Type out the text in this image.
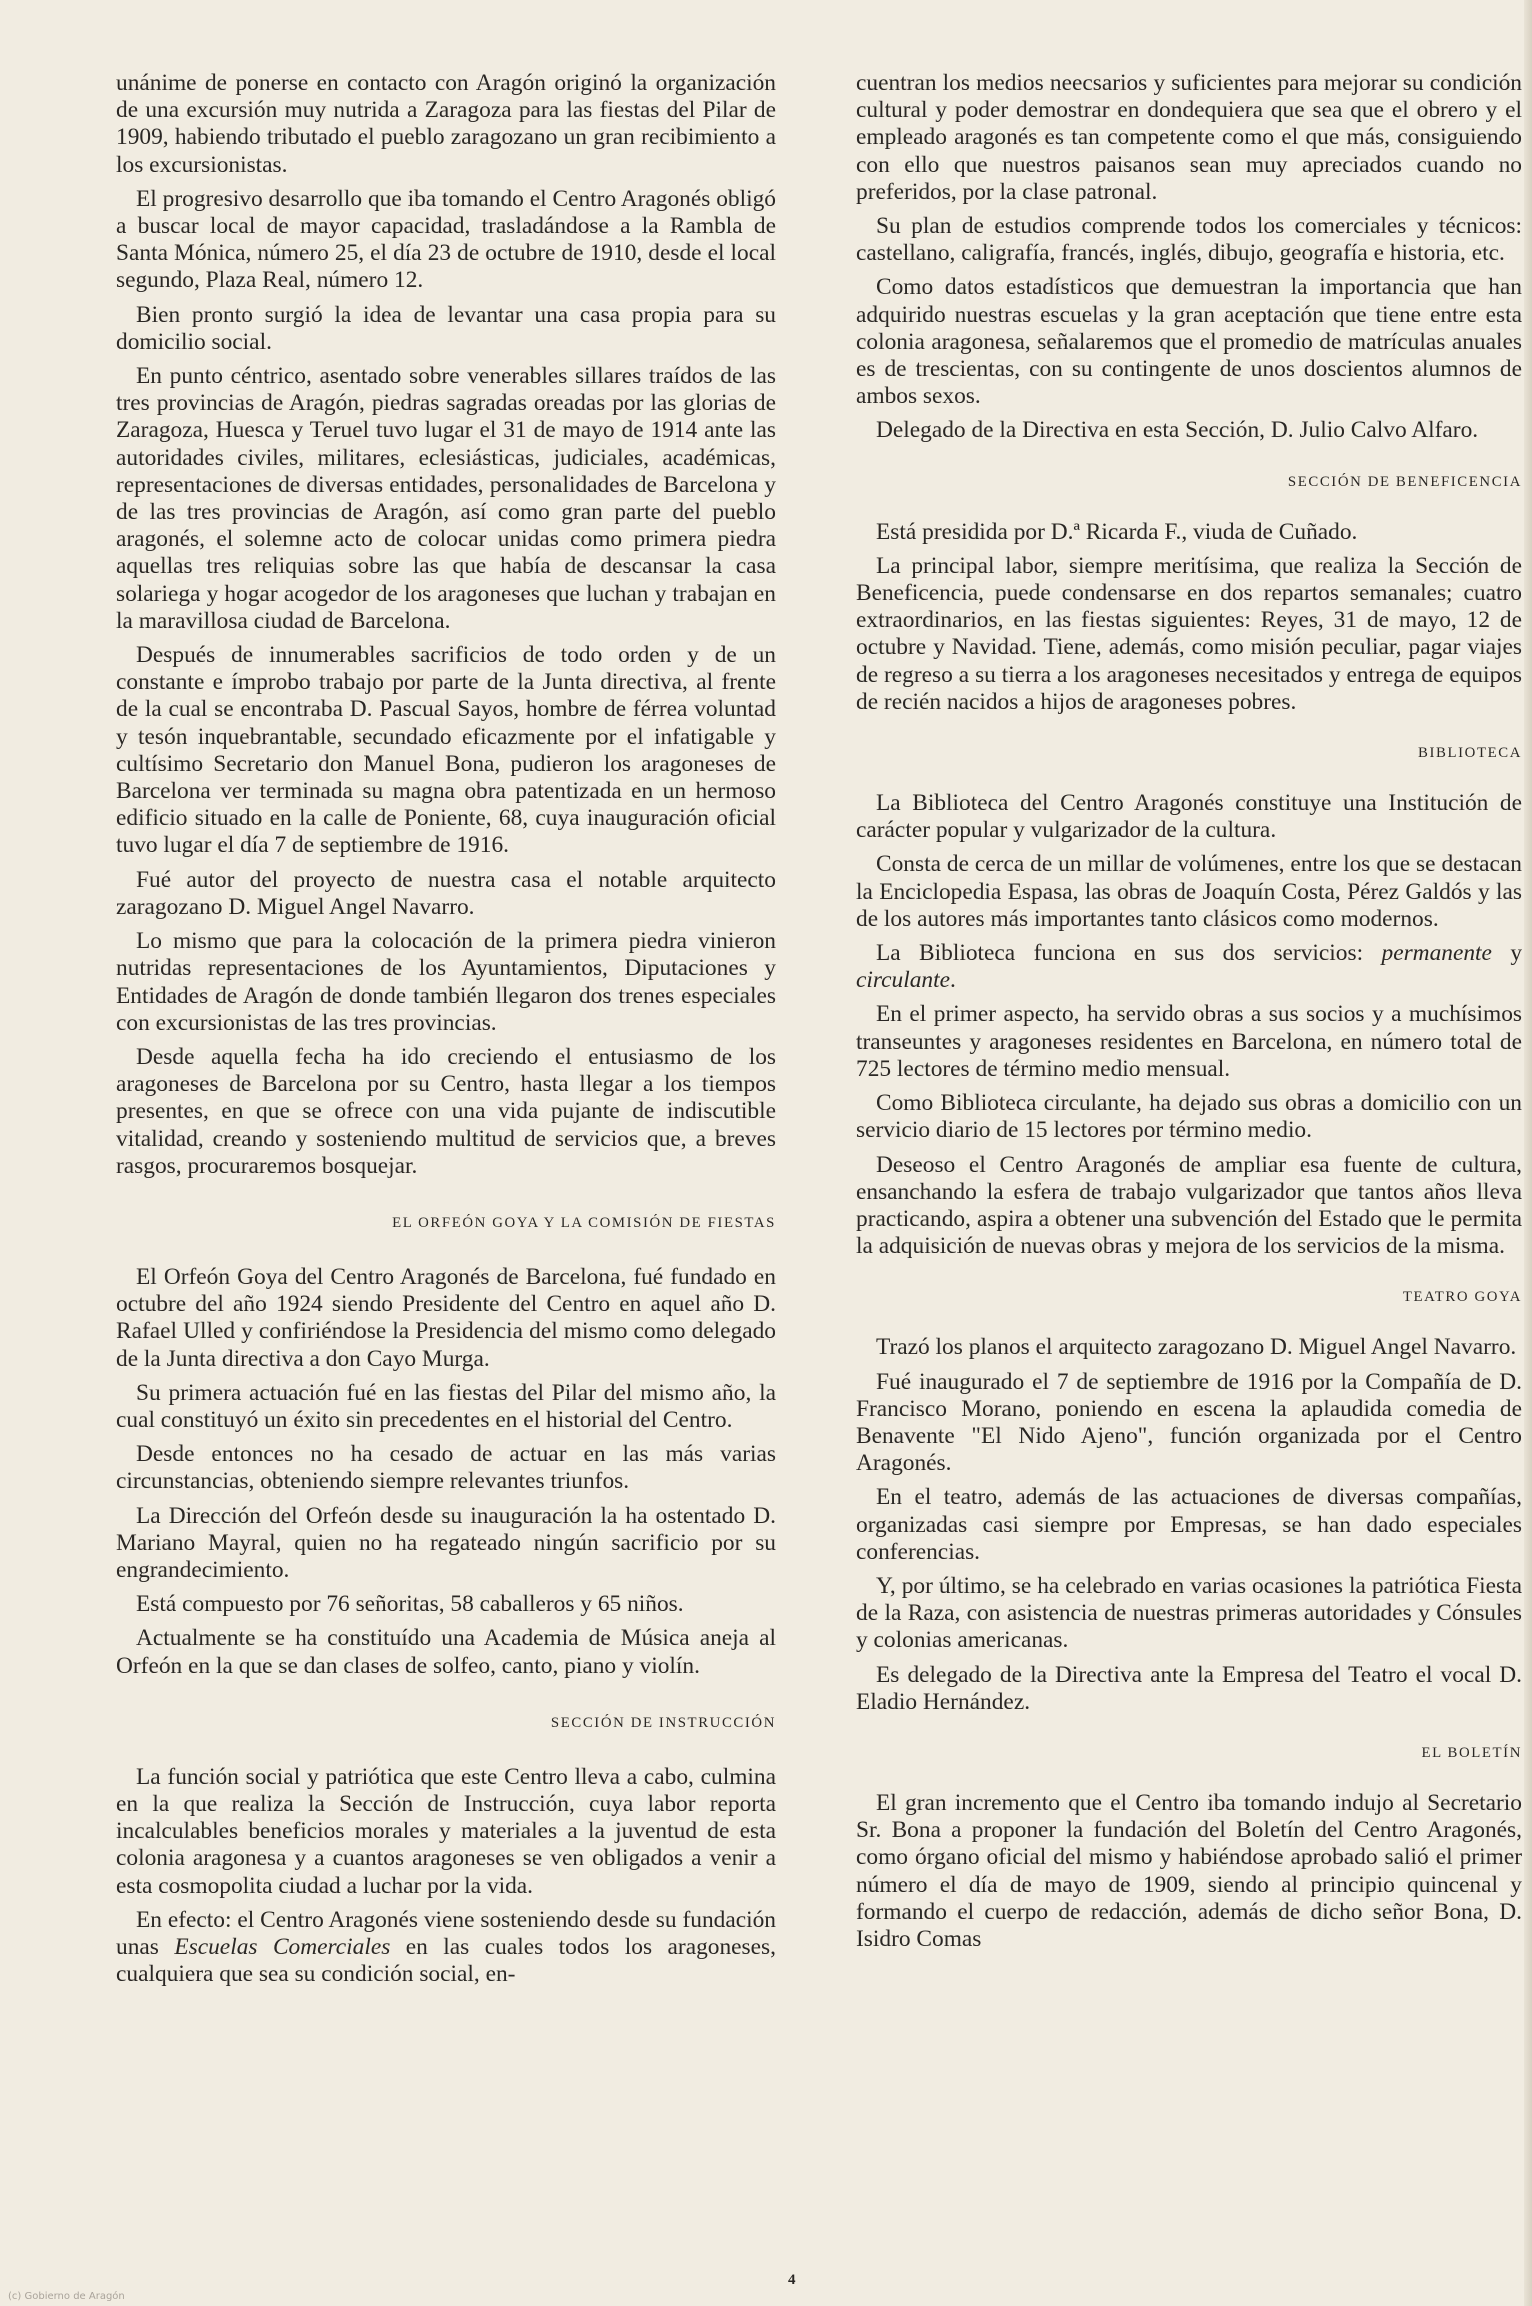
unánime de ponerse en contacto con Aragón originó la organización de una excursión muy nutrida a Zaragoza para las fiestas del Pilar de 1909, habiendo tributado el pueblo zaragozano un gran recibimiento a los excursionistas.

El progresivo desarrollo que iba tomando el Centro Aragonés obligó a buscar local de mayor capacidad, trasladándose a la Rambla de Santa Mónica, número 25, el día 23 de octubre de 1910, desde el local segundo, Plaza Real, número 12.

Bien pronto surgió la idea de levantar una casa propia para su domicilio social.

En punto céntrico, asentado sobre venerables sillares traídos de las tres provincias de Aragón, piedras sagradas oreadas por las glorias de Zaragoza, Huesca y Teruel tuvo lugar el 31 de mayo de 1914 ante las autoridades civiles, militares, eclesiásticas, judiciales, académicas, representaciones de diversas entidades, personalidades de Barcelona y de las tres provincias de Aragón, así como gran parte del pueblo aragonés, el solemne acto de colocar unidas como primera piedra aquellas tres reliquias sobre las que había de descansar la casa solariega y hogar acogedor de los aragoneses que luchan y trabajan en la maravillosa ciudad de Barcelona.

Después de innumerables sacrificios de todo orden y de un constante e ímprobo trabajo por parte de la Junta directiva, al frente de la cual se encontraba D. Pascual Sayos, hombre de férrea voluntad y tesón inquebrantable, secundado eficazmente por el infatigable y cultísimo Secretario don Manuel Bona, pudieron los aragoneses de Barcelona ver terminada su magna obra patentizada en un hermoso edificio situado en la calle de Poniente, 68, cuya inauguración oficial tuvo lugar el día 7 de septiembre de 1916.

Fué autor del proyecto de nuestra casa el notable arquitecto zaragozano D. Miguel Angel Navarro.

Lo mismo que para la colocación de la primera piedra vinieron nutridas representaciones de los Ayuntamientos, Diputaciones y Entidades de Aragón de donde también llegaron dos trenes especiales con excursionistas de las tres provincias.

Desde aquella fecha ha ido creciendo el entusiasmo de los aragoneses de Barcelona por su Centro, hasta llegar a los tiempos presentes, en que se ofrece con una vida pujante de indiscutible vitalidad, creando y sosteniendo multitud de servicios que, a breves rasgos, procuraremos bosquejar.

EL ORFEÓN GOYA Y LA COMISIÓN DE FIESTAS

El Orfeón Goya del Centro Aragonés de Barcelona, fué fundado en octubre del año 1924 siendo Presidente del Centro en aquel año D. Rafael Ulled y confiriéndose la Presidencia del mismo como delegado de la Junta directiva a don Cayo Murga.

Su primera actuación fué en las fiestas del Pilar del mismo año, la cual constituyó un éxito sin precedentes en el historial del Centro.

Desde entonces no ha cesado de actuar en las más varias circunstancias, obteniendo siempre relevantes triunfos.

La Dirección del Orfeón desde su inauguración la ha ostentado D. Mariano Mayral, quien no ha regateado ningún sacrificio por su engrandecimiento.

Está compuesto por 76 señoritas, 58 caballeros y 65 niños.

Actualmente se ha constituído una Academia de Música aneja al Orfeón en la que se dan clases de solfeo, canto, piano y violín.

SECCIÓN DE INSTRUCCIÓN

La función social y patriótica que este Centro lleva a cabo, culmina en la que realiza la Sección de Instrucción, cuya labor reporta incalculables beneficios morales y materiales a la juventud de esta colonia aragonesa y a cuantos aragoneses se ven obligados a venir a esta cosmopolita ciudad a luchar por la vida.

En efecto: el Centro Aragonés viene sosteniendo desde su fundación unas Escuelas Comerciales en las cuales todos los aragoneses, cualquiera que sea su condición social, en-

cuentran los medios neecsarios y suficientes para mejorar su condición cultural y poder demostrar en dondequiera que sea que el obrero y el empleado aragonés es tan competente como el que más, consiguiendo con ello que nuestros paisanos sean muy apreciados cuando no preferidos, por la clase patronal.

Su plan de estudios comprende todos los comerciales y técnicos: castellano, caligrafía, francés, inglés, dibujo, geografía e historia, etc.

Como datos estadísticos que demuestran la importancia que han adquirido nuestras escuelas y la gran aceptación que tiene entre esta colonia aragonesa, señalaremos que el promedio de matrículas anuales es de trescientas, con su contingente de unos doscientos alumnos de ambos sexos.

Delegado de la Directiva en esta Sección, D. Julio Calvo Alfaro.

SECCIÓN DE BENEFICENCIA

Está presidida por D.ª Ricarda F., viuda de Cuñado.

La principal labor, siempre meritísima, que realiza la Sección de Beneficencia, puede condensarse en dos repartos semanales; cuatro extraordinarios, en las fiestas siguientes: Reyes, 31 de mayo, 12 de octubre y Navidad. Tiene, además, como misión peculiar, pagar viajes de regreso a su tierra a los aragoneses necesitados y entrega de equipos de recién nacidos a hijos de aragoneses pobres.

BIBLIOTECA

La Biblioteca del Centro Aragonés constituye una Institución de carácter popular y vulgarizador de la cultura.

Consta de cerca de un millar de volúmenes, entre los que se destacan la Enciclopedia Espasa, las obras de Joaquín Costa, Pérez Galdós y las de los autores más importantes tanto clásicos como modernos.

La Biblioteca funciona en sus dos servicios: permanente y circulante.

En el primer aspecto, ha servido obras a sus socios y a muchísimos transeuntes y aragoneses residentes en Barcelona, en número total de 725 lectores de término medio mensual.

Como Biblioteca circulante, ha dejado sus obras a domicilio con un servicio diario de 15 lectores por término medio.

Deseoso el Centro Aragonés de ampliar esa fuente de cultura, ensanchando la esfera de trabajo vulgarizador que tantos años lleva practicando, aspira a obtener una subvención del Estado que le permita la adquisición de nuevas obras y mejora de los servicios de la misma.

TEATRO GOYA

Trazó los planos el arquitecto zaragozano D. Miguel Angel Navarro.

Fué inaugurado el 7 de septiembre de 1916 por la Compañía de D. Francisco Morano, poniendo en escena la aplaudida comedia de Benavente "El Nido Ajeno", función organizada por el Centro Aragonés.

En el teatro, además de las actuaciones de diversas compañías, organizadas casi siempre por Empresas, se han dado especiales conferencias.

Y, por último, se ha celebrado en varias ocasiones la patriótica Fiesta de la Raza, con asistencia de nuestras primeras autoridades y Cónsules y colonias americanas.

Es delegado de la Directiva ante la Empresa del Teatro el vocal D. Eladio Hernández.

EL BOLETÍN

El gran incremento que el Centro iba tomando indujo al Secretario Sr. Bona a proponer la fundación del Boletín del Centro Aragonés, como órgano oficial del mismo y habiéndose aprobado salió el primer número el día de mayo de 1909, siendo al principio quincenal y formando el cuerpo de redacción, además de dicho señor Bona, D. Isidro Comas

4
(c) Gobierno de Aragón
